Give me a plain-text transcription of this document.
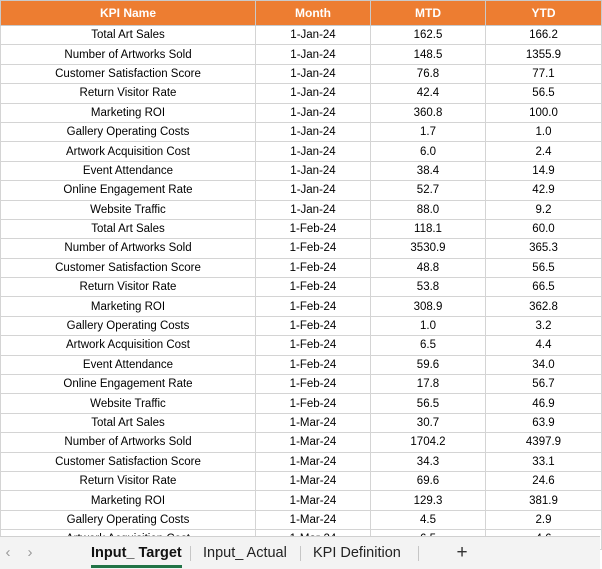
KPI Name	Month	MTD	YTD
Total Art Sales	1-Jan-24	162.5	166.2
Number of Artworks Sold	1-Jan-24	148.5	1355.9
Customer Satisfaction Score	1-Jan-24	76.8	77.1
Return Visitor Rate	1-Jan-24	42.4	56.5
Marketing ROI	1-Jan-24	360.8	100.0
Gallery Operating Costs	1-Jan-24	1.7	1.0
Artwork Acquisition Cost	1-Jan-24	6.0	2.4
Event Attendance	1-Jan-24	38.4	14.9
Online Engagement Rate	1-Jan-24	52.7	42.9
Website Traffic	1-Jan-24	88.0	9.2
Total Art Sales	1-Feb-24	118.1	60.0
Number of Artworks Sold	1-Feb-24	3530.9	365.3
Customer Satisfaction Score	1-Feb-24	48.8	56.5
Return Visitor Rate	1-Feb-24	53.8	66.5
Marketing ROI	1-Feb-24	308.9	362.8
Gallery Operating Costs	1-Feb-24	1.0	3.2
Artwork Acquisition Cost	1-Feb-24	6.5	4.4
Event Attendance	1-Feb-24	59.6	34.0
Online Engagement Rate	1-Feb-24	17.8	56.7
Website Traffic	1-Feb-24	56.5	46.9
Total Art Sales	1-Mar-24	30.7	63.9
Number of Artworks Sold	1-Mar-24	1704.2	4397.9
Customer Satisfaction Score	1-Mar-24	34.3	33.1
Return Visitor Rate	1-Mar-24	69.6	24.6
Marketing ROI	1-Mar-24	129.3	381.9
Gallery Operating Costs	1-Mar-24	4.5	2.9

‹	›	Input_ Target Input_ Actual KPI Definition	+
